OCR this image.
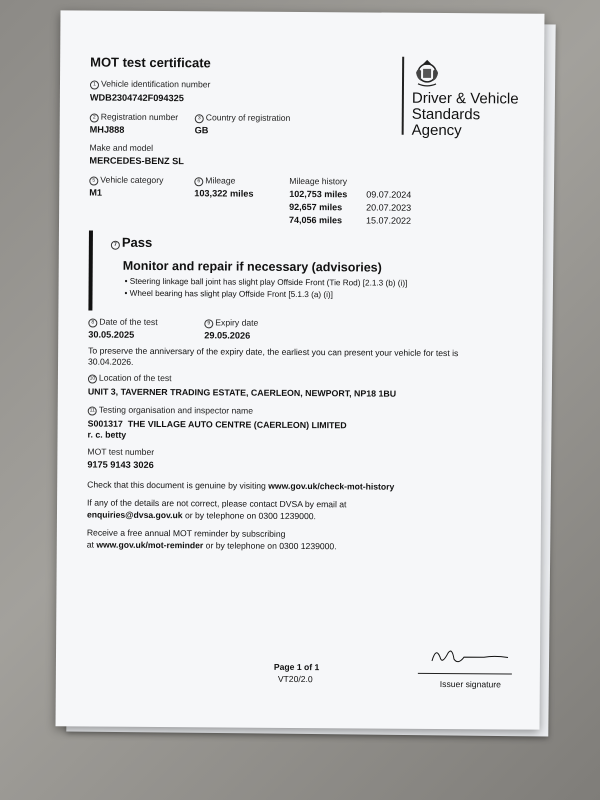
MOT test certificate
Driver & Vehicle
Standards
Agency
1 Vehicle identification number
WDB2304742F094325
2 Registration number
MHJ888
3 Country of registration
GB
Make and model
MERCEDES-BENZ SL
5 Vehicle category
M1
6 Mileage
103,322 miles
Mileage history
102,753 miles 09.07.2024
92,657 miles	20.07.2023
74,056 miles	15.07.2022
7 Pass
Monitor and repair if necessary (advisories)
• Steering linkage ball joint has slight play Offside Front (Tie Rod) [2.1.3 (b) (i)]
• Wheel bearing has slight play Offside Front [5.1.3 (a) (i)]
8 Date of the test
30.05.2025
9 Expiry date
29.05.2026
To preserve the anniversary of the expiry date, the earliest you can present your vehicle for test is 30.04.2026.
10 Location of the test
UNIT 3, TAVERNER TRADING ESTATE, CAERLEON, NEWPORT, NP18 1BU
11 Testing organisation and inspector name
S001317  THE VILLAGE AUTO CENTRE (CAERLEON) LIMITED
r. c. betty
MOT test number
9175 9143 3026
Check that this document is genuine by visiting www.gov.uk/check-mot-history
If any of the details are not correct, please contact DVSA by email at
enquiries@dvsa.gov.uk or by telephone on 0300 1239000.
Receive a free annual MOT reminder by subscribing
at www.gov.uk/mot-reminder or by telephone on 0300 1239000.
Page 1 of 1
VT20/2.0
Issuer signature
